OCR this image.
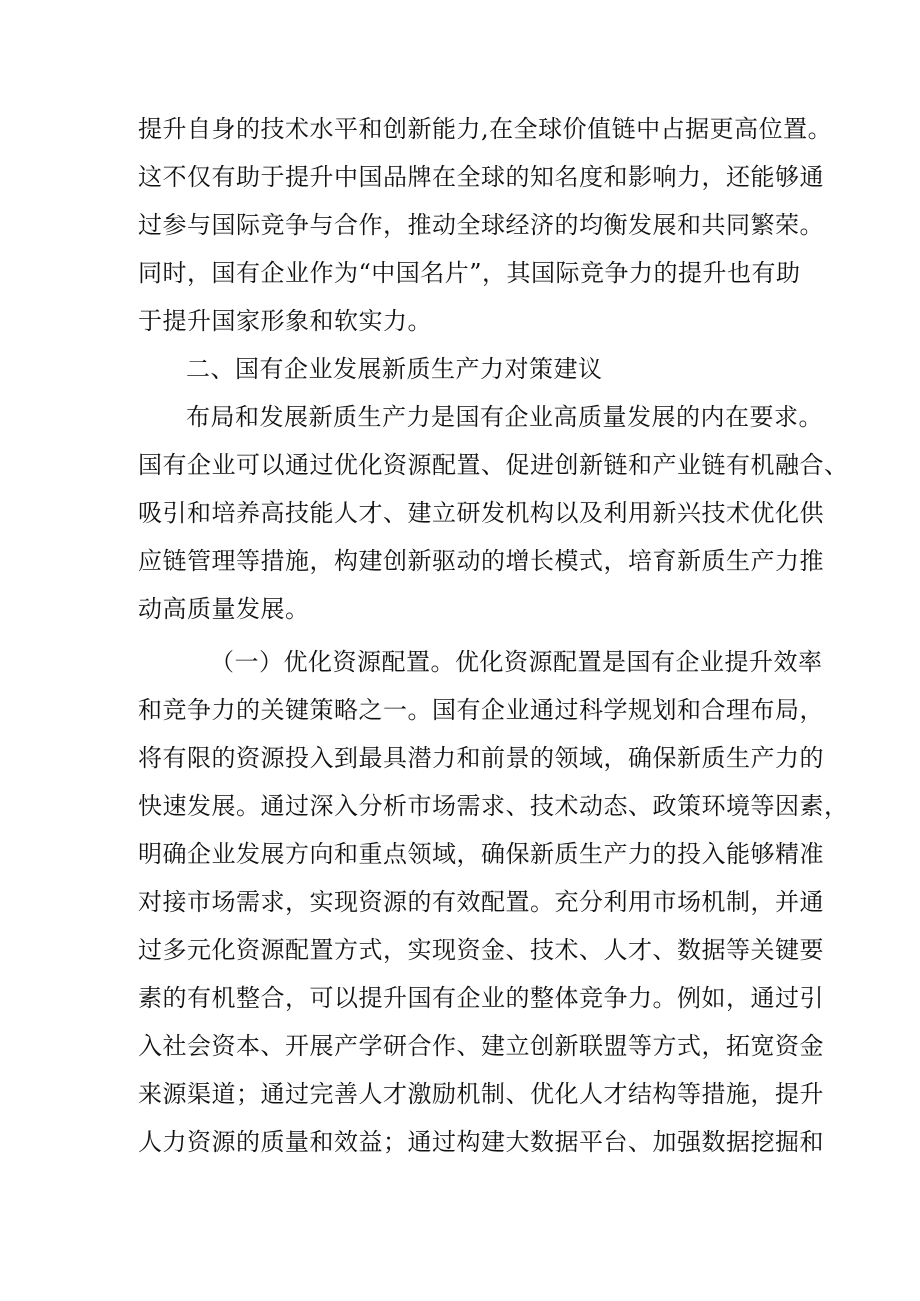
提升自身的技术水平和创新能力,在全球价值链中占据更高位置。
这不仅有助于提升中国品牌在全球的知名度和影响力，还能够通
过参与国际竞争与合作，推动全球经济的均衡发展和共同繁荣。
同时，国有企业作为“中国名片”，其国际竞争力的提升也有助
于提升国家形象和软实力。
二、国有企业发展新质生产力对策建议
布局和发展新质生产力是国有企业高质量发展的内在要求。
国有企业可以通过优化资源配置、促进创新链和产业链有机融合、
吸引和培养高技能人才、建立研发机构以及利用新兴技术优化供
应链管理等措施，构建创新驱动的增长模式，培育新质生产力推
动高质量发展。
（一）优化资源配置。优化资源配置是国有企业提升效率
和竞争力的关键策略之一。国有企业通过科学规划和合理布局，
将有限的资源投入到最具潜力和前景的领域，确保新质生产力的
快速发展。通过深入分析市场需求、技术动态、政策环境等因素，
明确企业发展方向和重点领域，确保新质生产力的投入能够精准
对接市场需求，实现资源的有效配置。充分利用市场机制，并通
过多元化资源配置方式，实现资金、技术、人才、数据等关键要
素的有机整合，可以提升国有企业的整体竞争力。例如，通过引
入社会资本、开展产学研合作、建立创新联盟等方式，拓宽资金
来源渠道；通过完善人才激励机制、优化人才结构等措施，提升
人力资源的质量和效益；通过构建大数据平台、加强数据挖掘和
